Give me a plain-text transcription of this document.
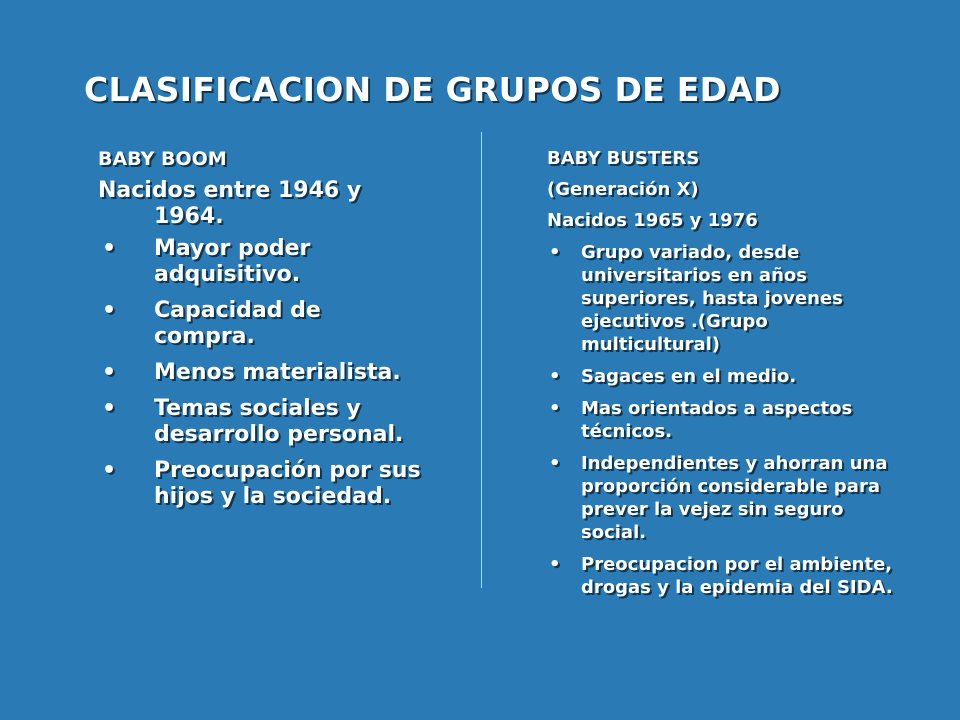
CLASIFICACION DE GRUPOS DE EDAD
BABY BOOM
Nacidos entre 1946 y 1964.
• Mayor poder adquisitivo.
• Capacidad de compra.
• Menos materialista.
• Temas sociales y desarrollo personal.
• Preocupación por sus hijos y la sociedad.
BABY BUSTERS
(Generación X)
Nacidos 1965 y 1976
• Grupo variado, desde universitarios en años superiores, hasta jovenes ejecutivos .(Grupo multicultural)
• Sagaces en el medio.
• Mas orientados a aspectos técnicos.
• Independientes y ahorran una proporción considerable para prever la vejez sin seguro social.
• Preocupacion por el ambiente, drogas y la epidemia del SIDA.
